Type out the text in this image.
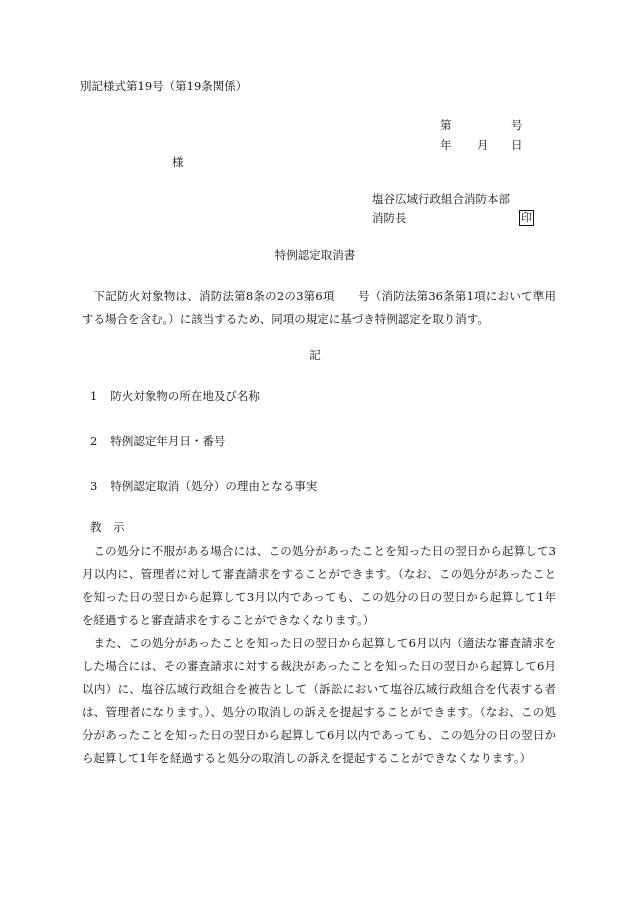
別記様式第19号（第19条関係）
第	号
年 月 日
様
塩谷広域行政組合消防本部
消防長	印
特例認定取消書
下記防火対象物は、消防法第8条の2の3第6項　　号（消防法第36条第1項において準用する場合を含む。）に該当するため、同項の規定に基づき特例認定を取り消す。
記
1 防火対象物の所在地及び名称
2 特例認定年月日・番号
3 特例認定取消（処分）の理由となる事実
教　示
この処分に不服がある場合には、この処分があったことを知った日の翌日から起算して3月以内に、管理者に対して審査請求をすることができます。（なお、この処分があったことを知った日の翌日から起算して3月以内であっても、この処分の日の翌日から起算して1年を経過すると審査請求をすることができなくなります。）
また、この処分があったことを知った日の翌日から起算して6月以内（適法な審査請求をした場合には、その審査請求に対する裁決があったことを知った日の翌日から起算して6月以内）に、塩谷広域行政組合を被告として（訴訟において塩谷広域行政組合を代表する者は、管理者になります。）、処分の取消しの訴えを提起することができます。（なお、この処分があったことを知った日の翌日から起算して6月以内であっても、この処分の日の翌日から起算して1年を経過すると処分の取消しの訴えを提起することができなくなります。）
